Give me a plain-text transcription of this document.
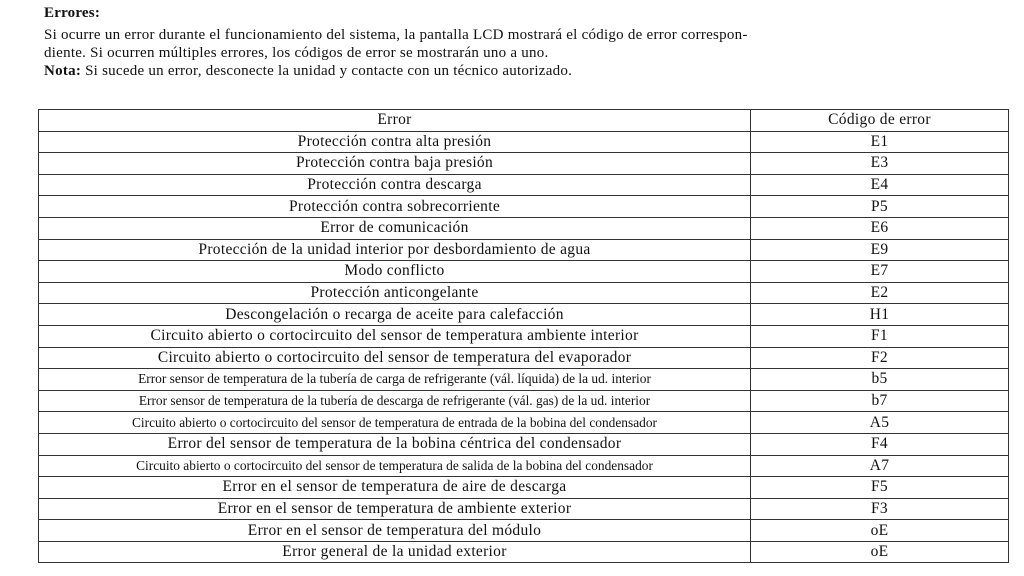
Errores:
Si ocurre un error durante el funcionamiento del sistema, la pantalla LCD mostrará el código de error correspon-
diente. Si ocurren múltiples errores, los códigos de error se mostrarán uno a uno.
Nota: Si sucede un error, desconecte la unidad y contacte con un técnico autorizado.
Error	Código de error
Protección contra alta presión	E1
Protección contra baja presión	E3
Protección contra descarga	E4
Protección contra sobrecorriente	P5
Error de comunicación	E6
Protección de la unidad interior por desbordamiento de agua	E9
Modo conflicto	E7
Protección anticongelante	E2
Descongelación o recarga de aceite para calefacción	H1
Circuito abierto o cortocircuito del sensor de temperatura ambiente interior	F1
Circuito abierto o cortocircuito del sensor de temperatura del evaporador	F2
Error sensor de temperatura de la tubería de carga de refrigerante (vál. líquida) de la ud. interior	b5
Error sensor de temperatura de la tubería de descarga de refrigerante (vál. gas) de la ud. interior	b7
Circuito abierto o cortocircuito del sensor de temperatura de entrada de la bobina del condensador	A5
Error del sensor de temperatura de la bobina céntrica del condensador	F4
Circuito abierto o cortocircuito del sensor de temperatura de salida de la bobina del condensador	A7
Error en el sensor de temperatura de aire de descarga	F5
Error en el sensor de temperatura de ambiente exterior	F3
Error en el sensor de temperatura del módulo	oE
Error general de la unidad exterior	oE
